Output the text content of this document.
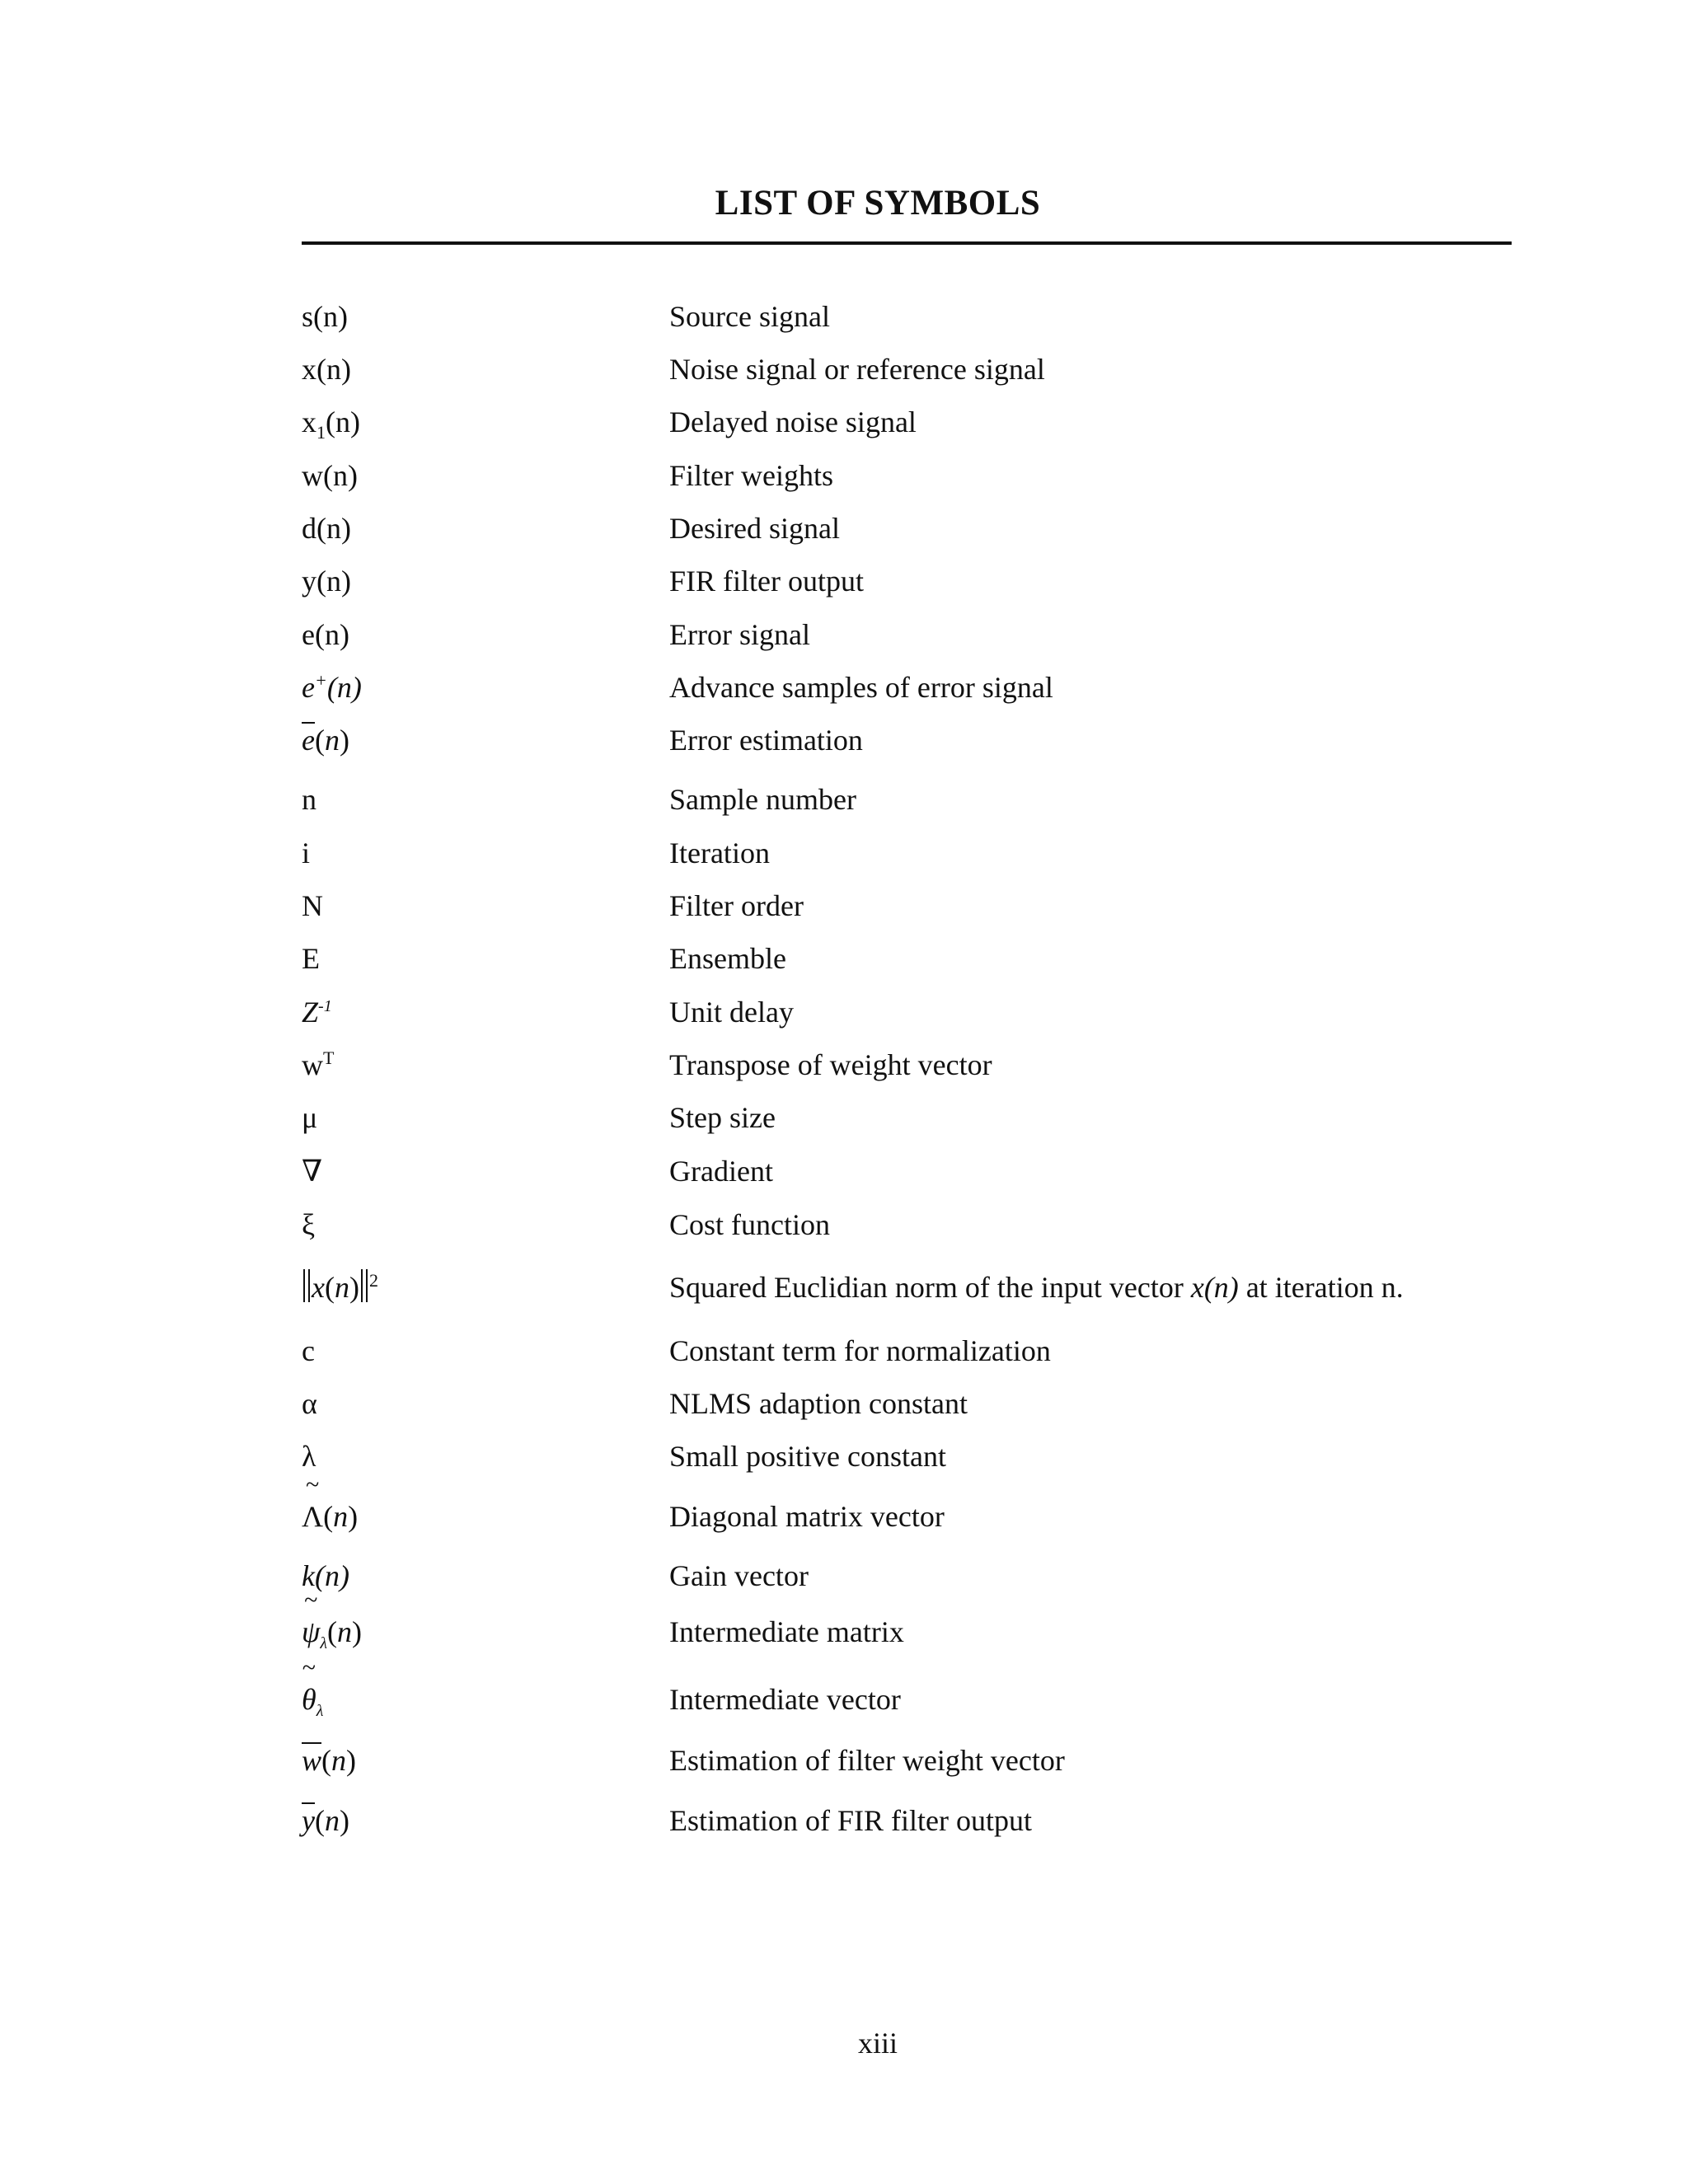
LIST OF SYMBOLS
s(n)	Source signal
x(n)	Noise signal or reference signal
$x_1(n)$	Delayed noise signal
w(n)	Filter weights
d(n)	Desired signal
y(n)	FIR filter output
e(n)	Error signal
e+(n)	Advance samples of error signal
$\overline{e}(n)$	Error estimation
n	Sample number
i	Iteration
N	Filter order
E	Ensemble
$Z^{-1}$	Unit delay
$w^T$	Transpose of weight vector
μ	Step size
∇	Gradient
ξ	Cost function
x(n) $^2$	Squared Euclidian norm of the input vector x(n) at iteration n.
c	Constant term for normalization
α	NLMS adaption constant
λ	Small positive constant
~
Λ(n)	Diagonal matrix vector
k(n)	Gain vector
~
$\psi_\lambda(n)$	Intermediate matrix
~
$\theta_\lambda$	Intermediate vector
$\overline{w}(n)$	Estimation of filter weight vector
$\overline{y}(n)$	Estimation of FIR filter output

xiii
